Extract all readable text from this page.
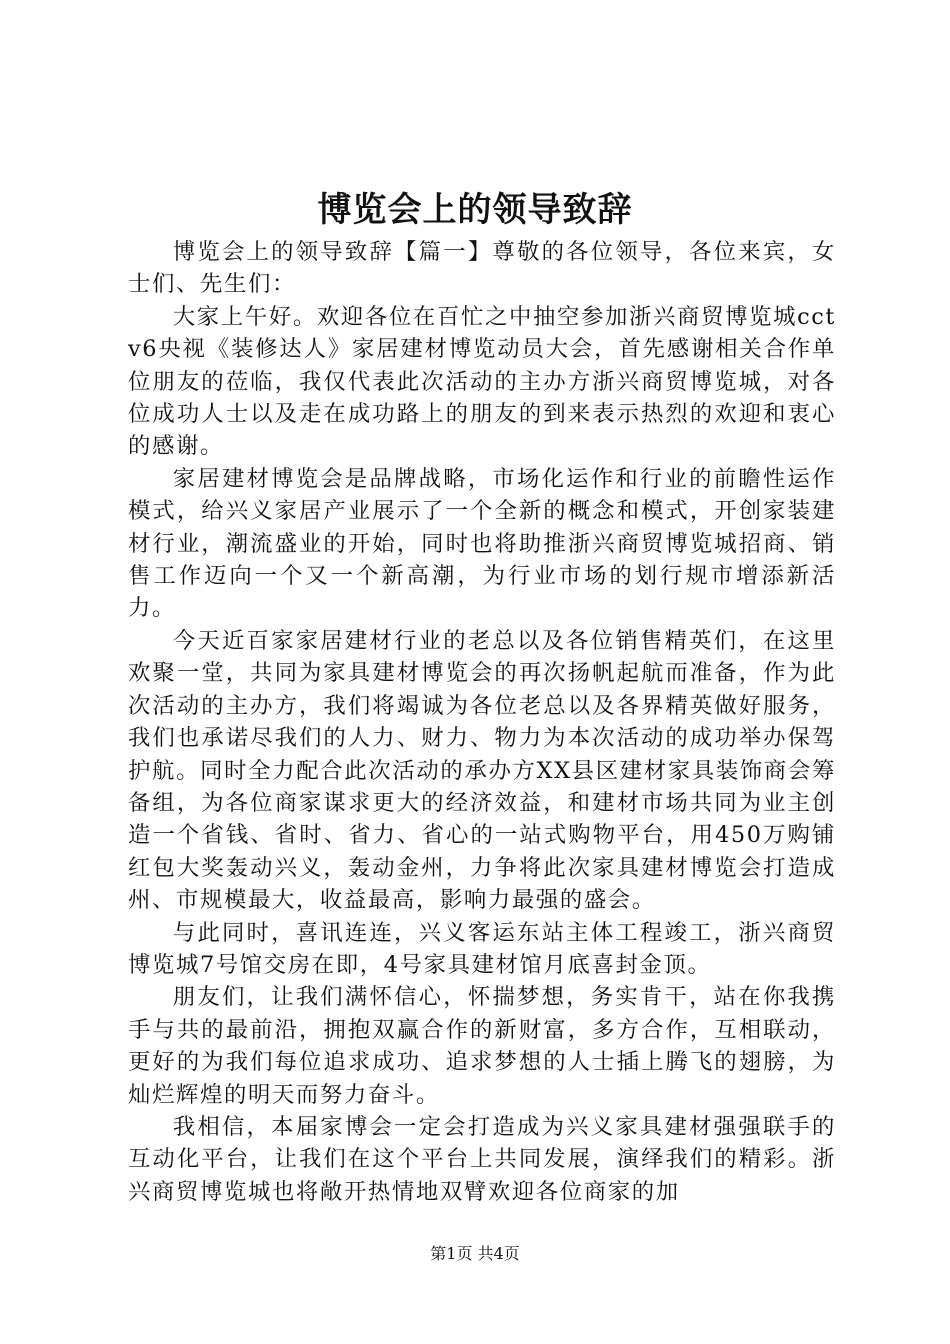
博览会上的领导致辞

博览会上的领导致辞【篇一】尊敬的各位领导，各位来宾，女士们、先生们：

大家上午好。欢迎各位在百忙之中抽空参加浙兴商贸博览城cctv6央视《装修达人》家居建材博览动员大会，首先感谢相关合作单位朋友的莅临，我仅代表此次活动的主办方浙兴商贸博览城，对各位成功人士以及走在成功路上的朋友的到来表示热烈的欢迎和衷心的感谢。

家居建材博览会是品牌战略，市场化运作和行业的前瞻性运作模式，给兴义家居产业展示了一个全新的概念和模式，开创家装建材行业，潮流盛业的开始，同时也将助推浙兴商贸博览城招商、销售工作迈向一个又一个新高潮，为行业市场的划行规市增添新活力。

今天近百家家居建材行业的老总以及各位销售精英们，在这里欢聚一堂，共同为家具建材博览会的再次扬帆起航而准备，作为此次活动的主办方，我们将竭诚为各位老总以及各界精英做好服务，我们也承诺尽我们的人力、财力、物力为本次活动的成功举办保驾护航。同时全力配合此次活动的承办方XX县区建材家具装饰商会筹备组，为各位商家谋求更大的经济效益，和建材市场共同为业主创造一个省钱、省时、省力、省心的一站式购物平台，用450万购铺红包大奖轰动兴义，轰动金州，力争将此次家具建材博览会打造成州、市规模最大，收益最高，影响力最强的盛会。

与此同时，喜讯连连，兴义客运东站主体工程竣工，浙兴商贸博览城7号馆交房在即，4号家具建材馆月底喜封金顶。

朋友们，让我们满怀信心，怀揣梦想，务实肯干，站在你我携手与共的最前沿，拥抱双赢合作的新财富，多方合作，互相联动，更好的为我们每位追求成功、追求梦想的人士插上腾飞的翅膀，为灿烂辉煌的明天而努力奋斗。

我相信，本届家博会一定会打造成为兴义家具建材强强联手的互动化平台，让我们在这个平台上共同发展，演绎我们的精彩。浙兴商贸博览城也将敞开热情地双臂欢迎各位商家的加

第1页 共4页
